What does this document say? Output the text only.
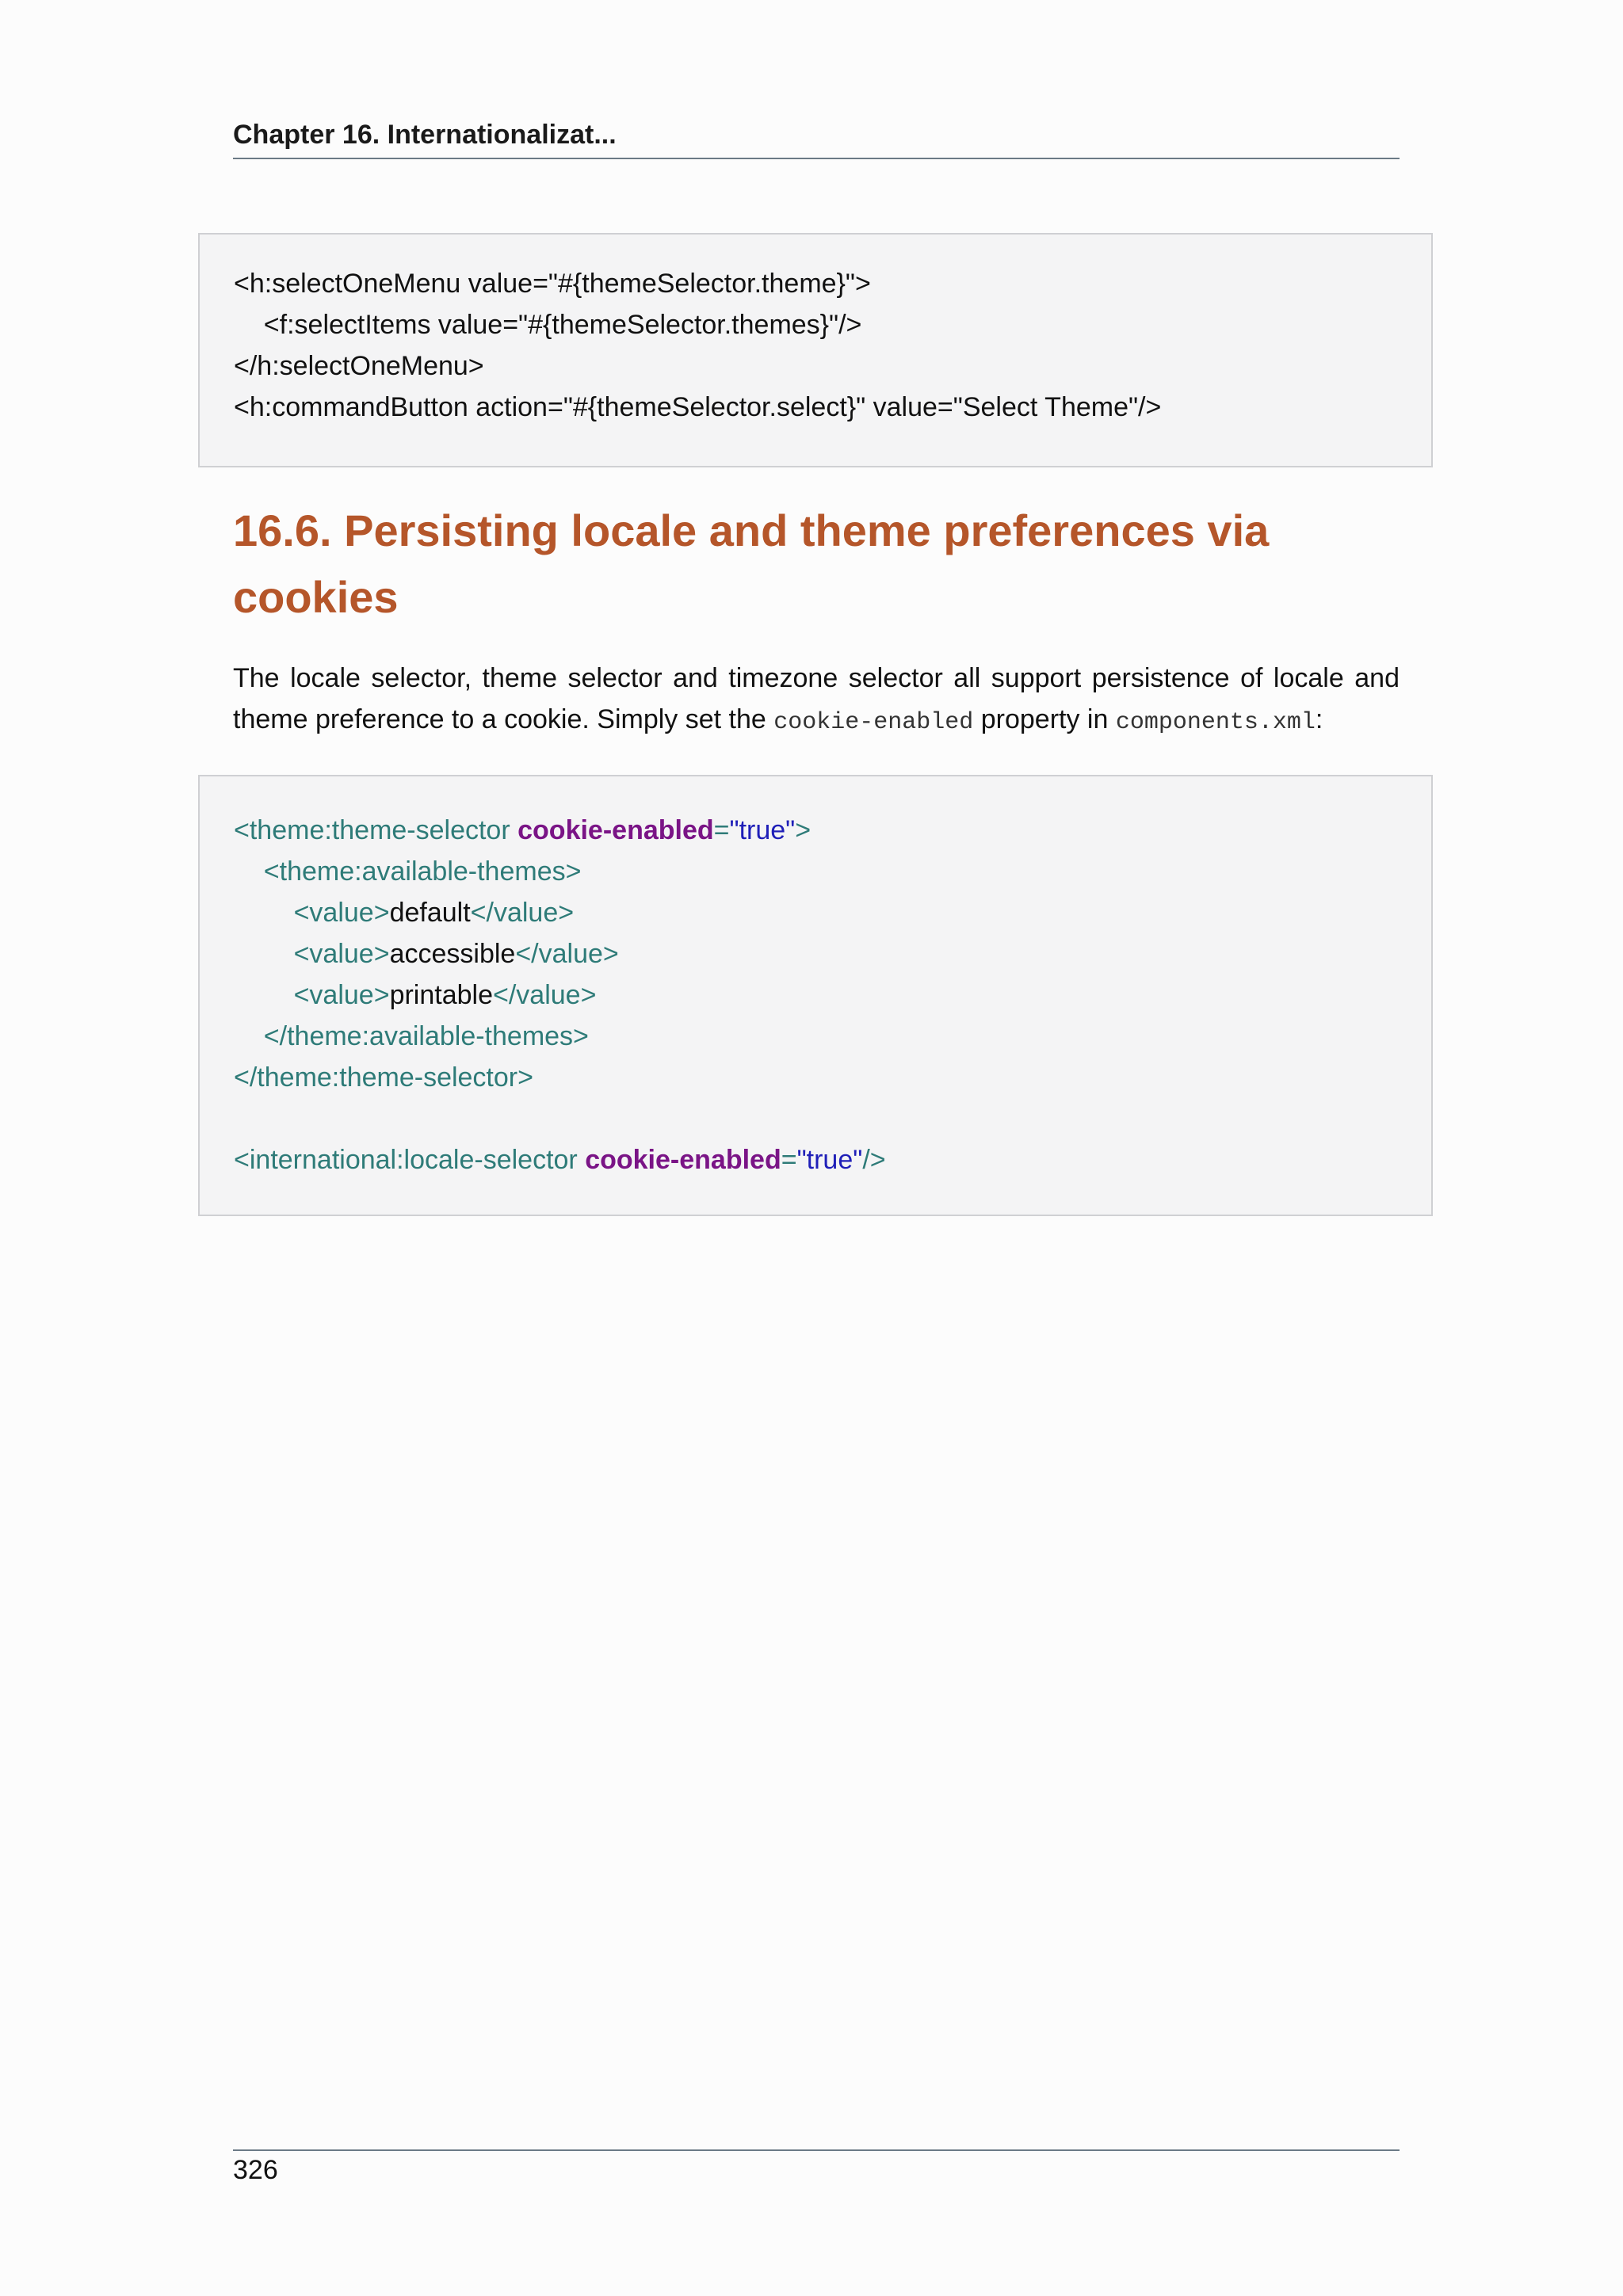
Chapter 16. Internationalizat...
<h:selectOneMenu value="#{themeSelector.theme}">
<f:selectItems value="#{themeSelector.themes}"/>
</h:selectOneMenu>
<h:commandButton action="#{themeSelector.select}" value="Select Theme"/>
16.6. Persisting locale and theme preferences via cookies

The locale selector, theme selector and timezone selector all support persistence of locale and theme preference to a cookie. Simply set the cookie-enabled property in components.xml:

<theme:theme-selector cookie-enabled="true">
<theme:available-themes>
<value>default</value>
<value>accessible</value>
<value>printable</value>
</theme:available-themes>
</theme:theme-selector>
<international:locale-selector cookie-enabled="true"/>
326
